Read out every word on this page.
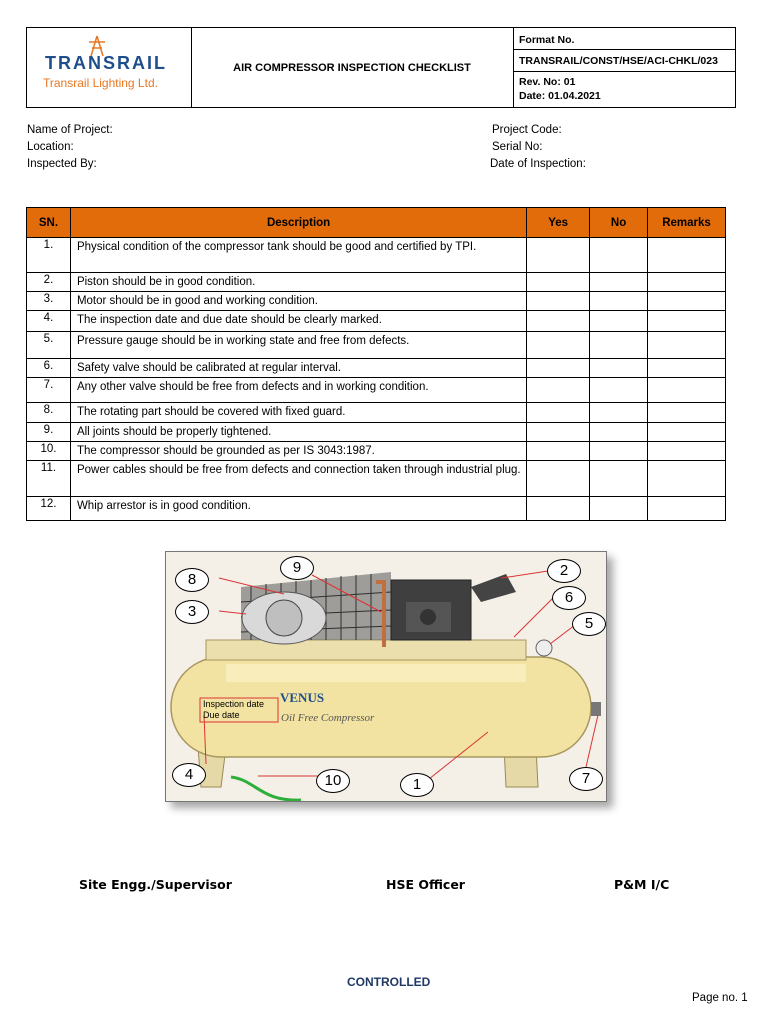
TRANSRAIL
Transrail Lighting Ltd.
AIR COMPRESSOR INSPECTION CHECKLIST
Format No.
TRANSRAIL/CONST/HSE/ACI-CHKL/023
Rev. No: 01
Date: 01.04.2021
Name of Project:
Location:
Inspected By:
Project Code:
Serial No:
Date of Inspection:
SN.	Description	Yes	No	Remarks
1.	Physical condition of the compressor tank should be good and certified by TPI.			
2.	Piston should be in good condition.			
3.	Motor should be in good and working condition.			
4.	The inspection date and due date should be clearly marked.			
5.	Pressure gauge should be in working state and free from defects.			
6.	Safety valve should be calibrated at regular interval.			
7.	Any other valve should be free from defects and in working condition.			
8.	The rotating part should be covered with fixed guard.			
9.	All joints should be properly tightened.			
10.	The compressor should be grounded as per IS 3043:1987.			
11.	Power cables should be free from defects and connection taken through industrial plug.			
12.	Whip arrestor is in good condition.			
VENUS
Inspection date
Due date	Oil Free Compressor
8
3
9	2
6
5
4	10	1	7
Site Engg./Supervisor	HSE Officer	P&M I/C
CONTROLLED
Page no. 1
